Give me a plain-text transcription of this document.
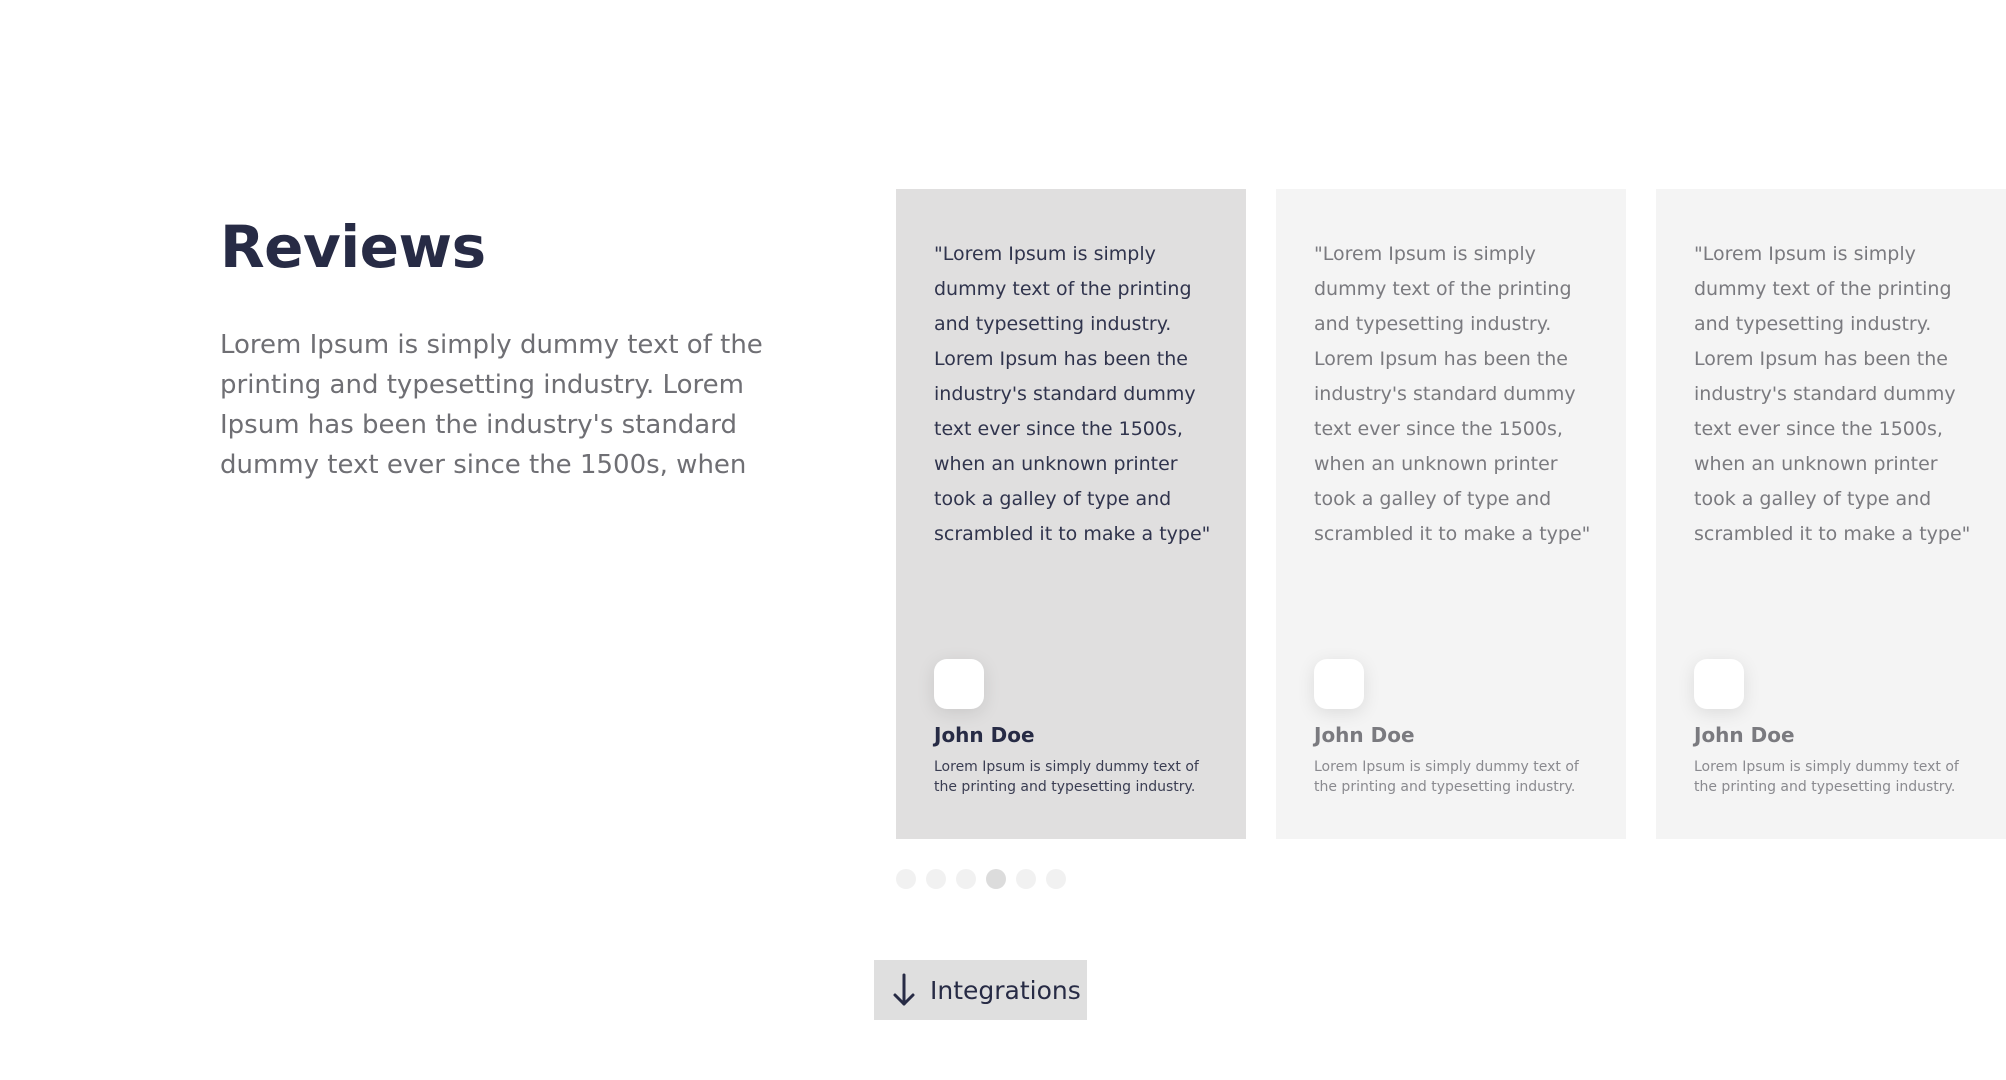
Reviews

Lorem Ipsum is simply dummy text of the printing and typesetting industry. Lorem Ipsum has been the industry's standard dummy text ever since the 1500s, when

"Lorem Ipsum is simply dummy text of the printing and typesetting industry. Lorem Ipsum has been the industry's standard dummy text ever since the 1500s, when an unknown printer took a galley of type and scrambled it to make a type"

John Doe

Lorem Ipsum is simply dummy text of the printing and typesetting industry.

"Lorem Ipsum is simply dummy text of the printing and typesetting industry. Lorem Ipsum has been the industry's standard dummy text ever since the 1500s, when an unknown printer took a galley of type and scrambled it to make a type"

John Doe

Lorem Ipsum is simply dummy text of the printing and typesetting industry.

"Lorem Ipsum is simply dummy text of the printing and typesetting industry. Lorem Ipsum has been the industry's standard dummy text ever since the 1500s, when an unknown printer took a galley of type and scrambled it to make a type"

John Doe

Lorem Ipsum is simply dummy text of the printing and typesetting industry.

Integrations
